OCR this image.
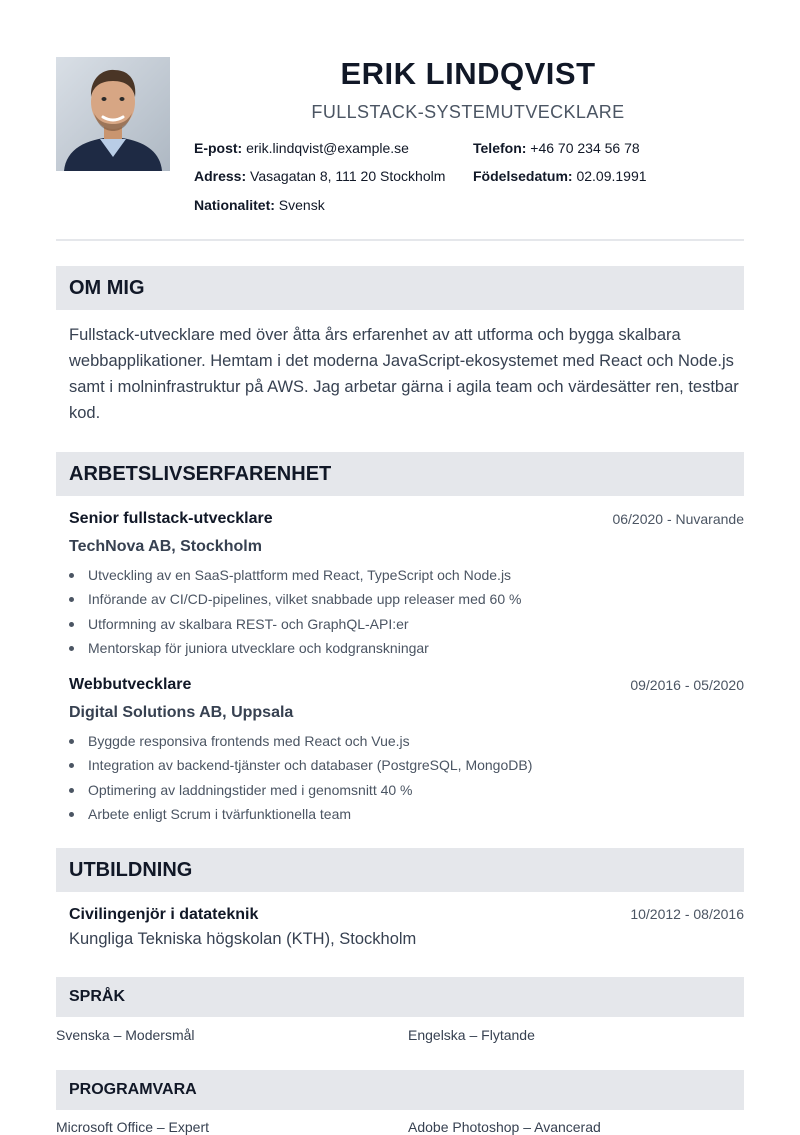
ERIK LINDQVIST
FULLSTACK-SYSTEMUTVECKLARE
E-post: erik.lindqvist@example.se	Telefon: +46 70 234 56 78
Adress: Vasagatan 8, 111 20 Stockholm Födelsedatum: 02.09.1991
Nationalitet: Svensk
OM MIG
Fullstack-utvecklare med över åtta års erfarenhet av att utforma och bygga skalbara webbapplikationer. Hemtam i det moderna JavaScript-ekosystemet med React och Node.js samt i molninfrastruktur på AWS. Jag arbetar gärna i agila team och värdesätter ren, testbar kod.
ARBETSLIVSERFARENHET
Senior fullstack-utvecklare	06/2020 - Nuvarande
TechNova AB, Stockholm
Utveckling av en SaaS-plattform med React, TypeScript och Node.js
Införande av CI/CD-pipelines, vilket snabbade upp releaser med 60 %
Utformning av skalbara REST- och GraphQL-API:er
Mentorskap för juniora utvecklare och kodgranskningar
Webbutvecklare	09/2016 - 05/2020
Digital Solutions AB, Uppsala
Byggde responsiva frontends med React och Vue.js
Integration av backend-tjänster och databaser (PostgreSQL, MongoDB)
Optimering av laddningstider med i genomsnitt 40 %
Arbete enligt Scrum i tvärfunktionella team
UTBILDNING
Civilingenjör i datateknik	10/2012 - 08/2016
Kungliga Tekniska högskolan (KTH), Stockholm
SPRÅK
Svenska – Modersmål	Engelska – Flytande
PROGRAMVARA
Microsoft Office – Expert	Adobe Photoshop – Avancerad
